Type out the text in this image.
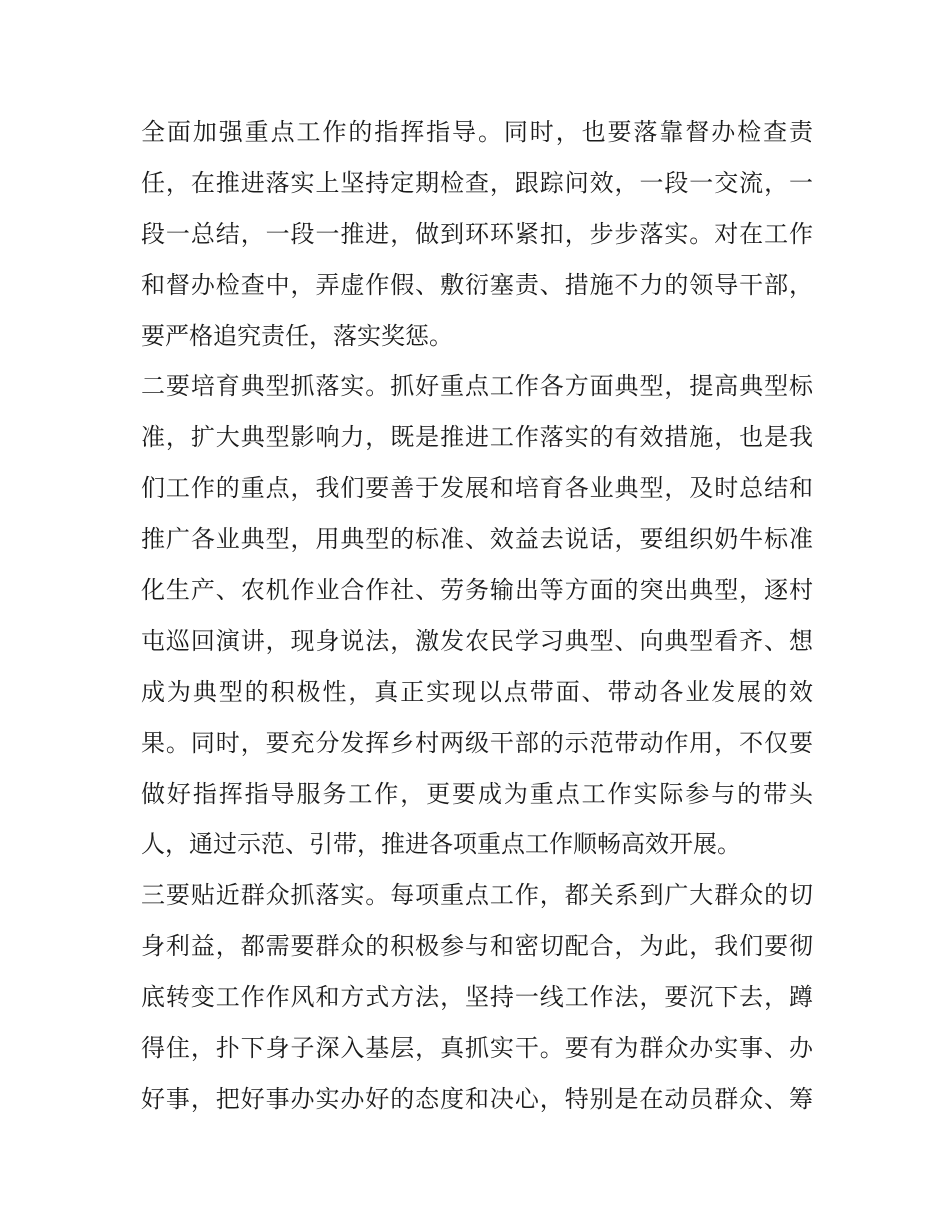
全面加强重点工作的指挥指导。同时，也要落靠督办检查责
任，在推进落实上坚持定期检查，跟踪问效，一段一交流，一
段一总结，一段一推进，做到环环紧扣，步步落实。对在工作
和督办检查中，弄虚作假、敷衍塞责、措施不力的领导干部，
要严格追究责任，落实奖惩。
二要培育典型抓落实。抓好重点工作各方面典型，提高典型标
准，扩大典型影响力，既是推进工作落实的有效措施，也是我
们工作的重点，我们要善于发展和培育各业典型，及时总结和
推广各业典型，用典型的标准、效益去说话，要组织奶牛标准
化生产、农机作业合作社、劳务输出等方面的突出典型，逐村
屯巡回演讲，现身说法，激发农民学习典型、向典型看齐、想
成为典型的积极性，真正实现以点带面、带动各业发展的效
果。同时，要充分发挥乡村两级干部的示范带动作用，不仅要
做好指挥指导服务工作，更要成为重点工作实际参与的带头
人，通过示范、引带，推进各项重点工作顺畅高效开展。
三要贴近群众抓落实。每项重点工作，都关系到广大群众的切
身利益，都需要群众的积极参与和密切配合，为此，我们要彻
底转变工作作风和方式方法，坚持一线工作法，要沉下去，蹲
得住，扑下身子深入基层，真抓实干。要有为群众办实事、办
好事，把好事办实办好的态度和决心，特别是在动员群众、筹
